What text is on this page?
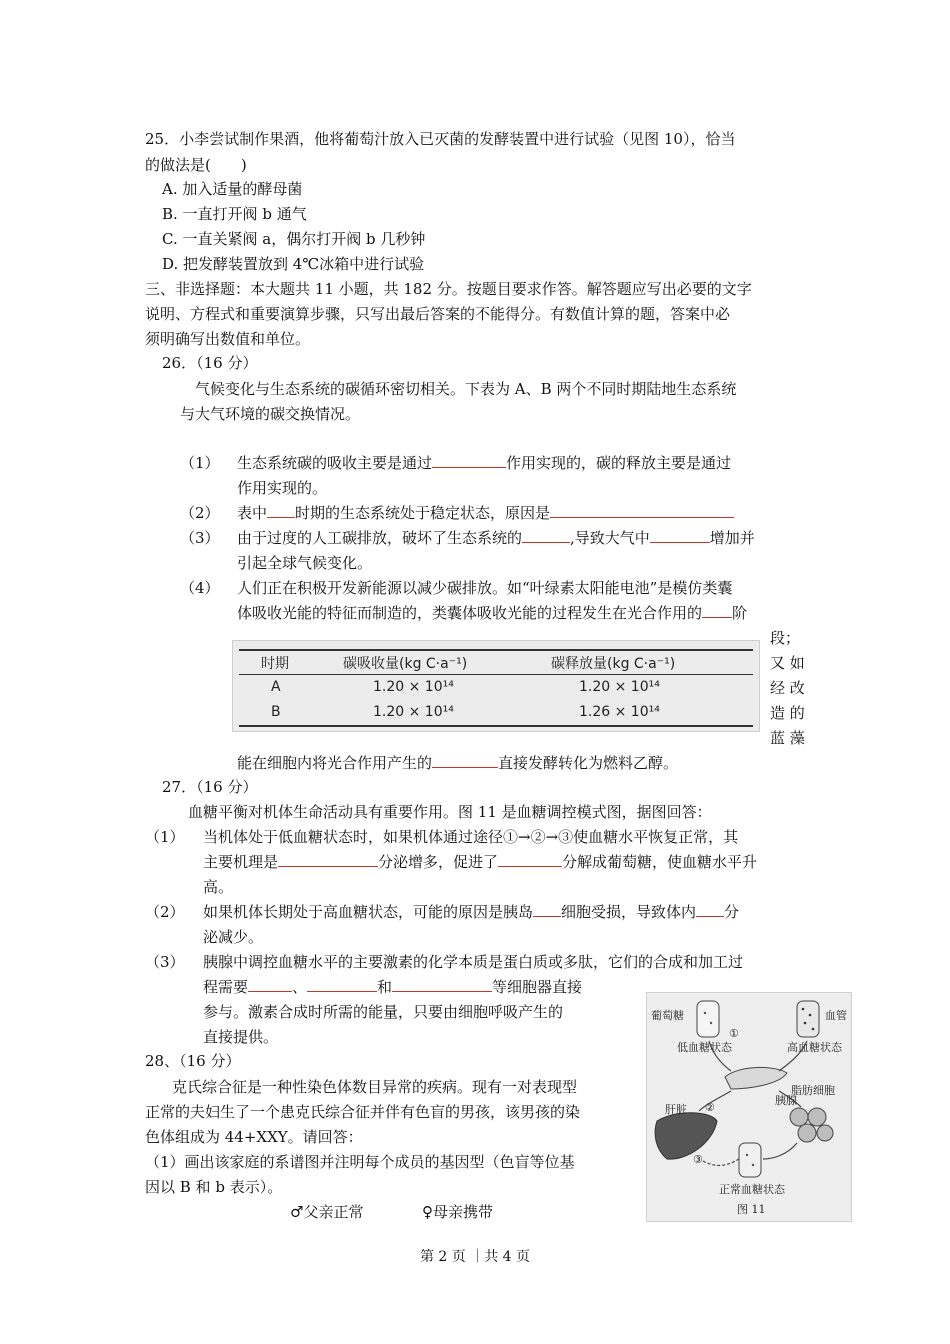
25．小李尝试制作果酒，他将葡萄汁放入已灭菌的发酵装置中进行试验（见图 10），恰当
的做法是(　　)
A. 加入适量的酵母菌
B. 一直打开阀 b 通气
C. 一直关紧阀 a，偶尔打开阀 b 几秒钟
D. 把发酵装置放到 4℃冰箱中进行试验
三、非选择题：本大题共 11 小题，共 182 分。按题目要求作答。解答题应写出必要的文字
说明、方程式和重要演算步骤，只写出最后答案的不能得分。有数值计算的题，答案中必
须明确写出数值和单位。
26．（16 分）
气候变化与生态系统的碳循环密切相关。下表为 A、B 两个不同时期陆地生态系统
与大气环境的碳交换情况。
（1） 生态系统碳的吸收主要是通过	作用实现的，碳的释放主要是通过
作用实现的。
（2） 表中 时期的生态系统处于稳定状态，原因是
（3） 由于过度的人工碳排放，破坏了生态系统的	,导致大气中	增加并
引起全球气候变化。
（4） 人们正在积极开发新能源以减少碳排放。如“叶绿素太阳能电池”是模仿类囊
体吸收光能的特征而制造的，类囊体吸收光能的过程发生在光合作用的 阶
段；
又 如
经 改
造 的
蓝 藻
时期	碳吸收量(kg C·a⁻¹)	碳释放量(kg C·a⁻¹)
A	1.20 × 10¹⁴	1.20 × 10¹⁴
B	1.20 × 10¹⁴	1.26 × 10¹⁴
能在细胞内将光合作用产生的	直接发酵转化为燃料乙醇。
27．（16 分）
血糖平衡对机体生命活动具有重要作用。图 11 是血糖调控模式图，据图回答：
（1） 当机体处于低血糖状态时，如果机体通过途径①→②→③使血糖水平恢复正常，其
主要机理是	分泌增多，促进了	分解成葡萄糖，使血糖水平升
高。
（2） 如果机体长期处于高血糖状态，可能的原因是胰岛 细胞受损，导致体内 分
泌减少。
（3） 胰腺中调控血糖水平的主要激素的化学本质是蛋白质或多肽，它们的合成和加工过
程需要	、	和	等细胞器直接
参与。激素合成时所需的能量，只要由细胞呼吸产生的
直接提供。
葡萄糖	血管
低血糖状态	高血糖状态
①
胰腺
脂肪细胞
②
肝脏
③
正常血糖状态
图 11
28、（16 分）
克氏综合征是一种性染色体数目异常的疾病。现有一对表现型
正常的夫妇生了一个患克氏综合征并伴有色盲的男孩，该男孩的染
色体组成为 44+XXY。请回答：
（1）画出该家庭的系谱图并注明每个成员的基因型（色盲等位基
因以 B 和 b 表示）。
♂父亲正常	♀母亲携带
第 2 页 ｜共 4 页
